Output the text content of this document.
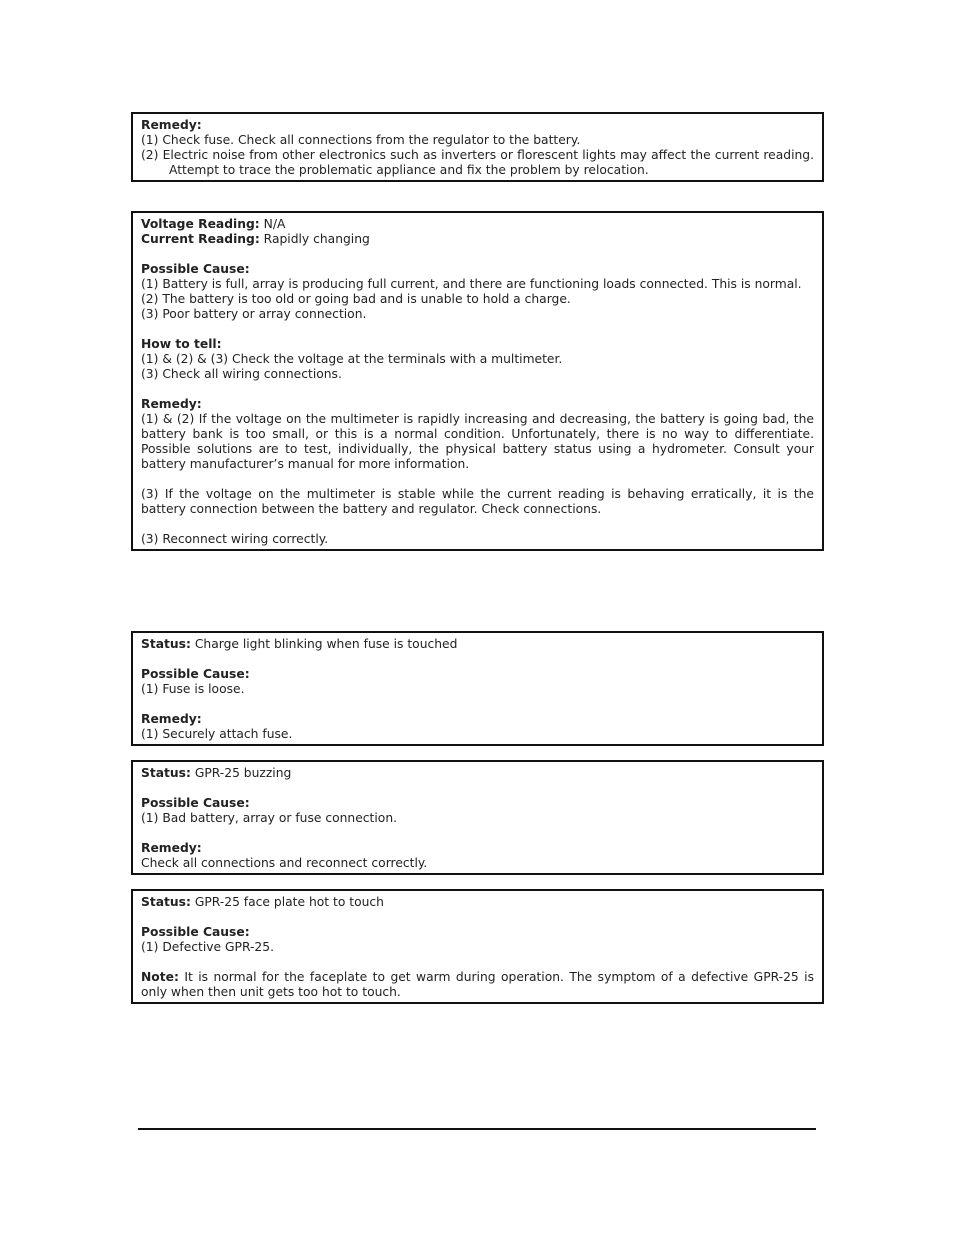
Remedy:
(1) Check fuse. Check all connections from the regulator to the battery.
(2) Electric noise from other electronics such as inverters or florescent lights may affect the current reading. Attempt to trace the problematic appliance and fix the problem by relocation.
Voltage Reading: N/A
Current Reading: Rapidly changing
Possible Cause:
(1) Battery is full, array is producing full current, and there are functioning loads connected. This is normal.
(2) The battery is too old or going bad and is unable to hold a charge.
(3) Poor battery or array connection.
How to tell:
(1) & (2) & (3) Check the voltage at the terminals with a multimeter.
(3) Check all wiring connections.
Remedy:
(1) & (2) If the voltage on the multimeter is rapidly increasing and decreasing, the battery is going bad, the battery bank is too small, or this is a normal condition. Unfortunately, there is no way to differentiate. Possible solutions are to test, individually, the physical battery status using a hydrometer. Consult your battery manufacturer’s manual for more information.
(3) If the voltage on the multimeter is stable while the current reading is behaving erratically, it is the battery connection between the battery and regulator. Check connections.
(3) Reconnect wiring correctly.
Status: Charge light blinking when fuse is touched
Possible Cause:
(1) Fuse is loose.
Remedy:
(1) Securely attach fuse.
Status: GPR-25 buzzing
Possible Cause:
(1) Bad battery, array or fuse connection.
Remedy:
Check all connections and reconnect correctly.
Status: GPR-25 face plate hot to touch
Possible Cause:
(1) Defective GPR-25.
Note: It is normal for the faceplate to get warm during operation. The symptom of a defective GPR-25 is only when then unit gets too hot to touch.
